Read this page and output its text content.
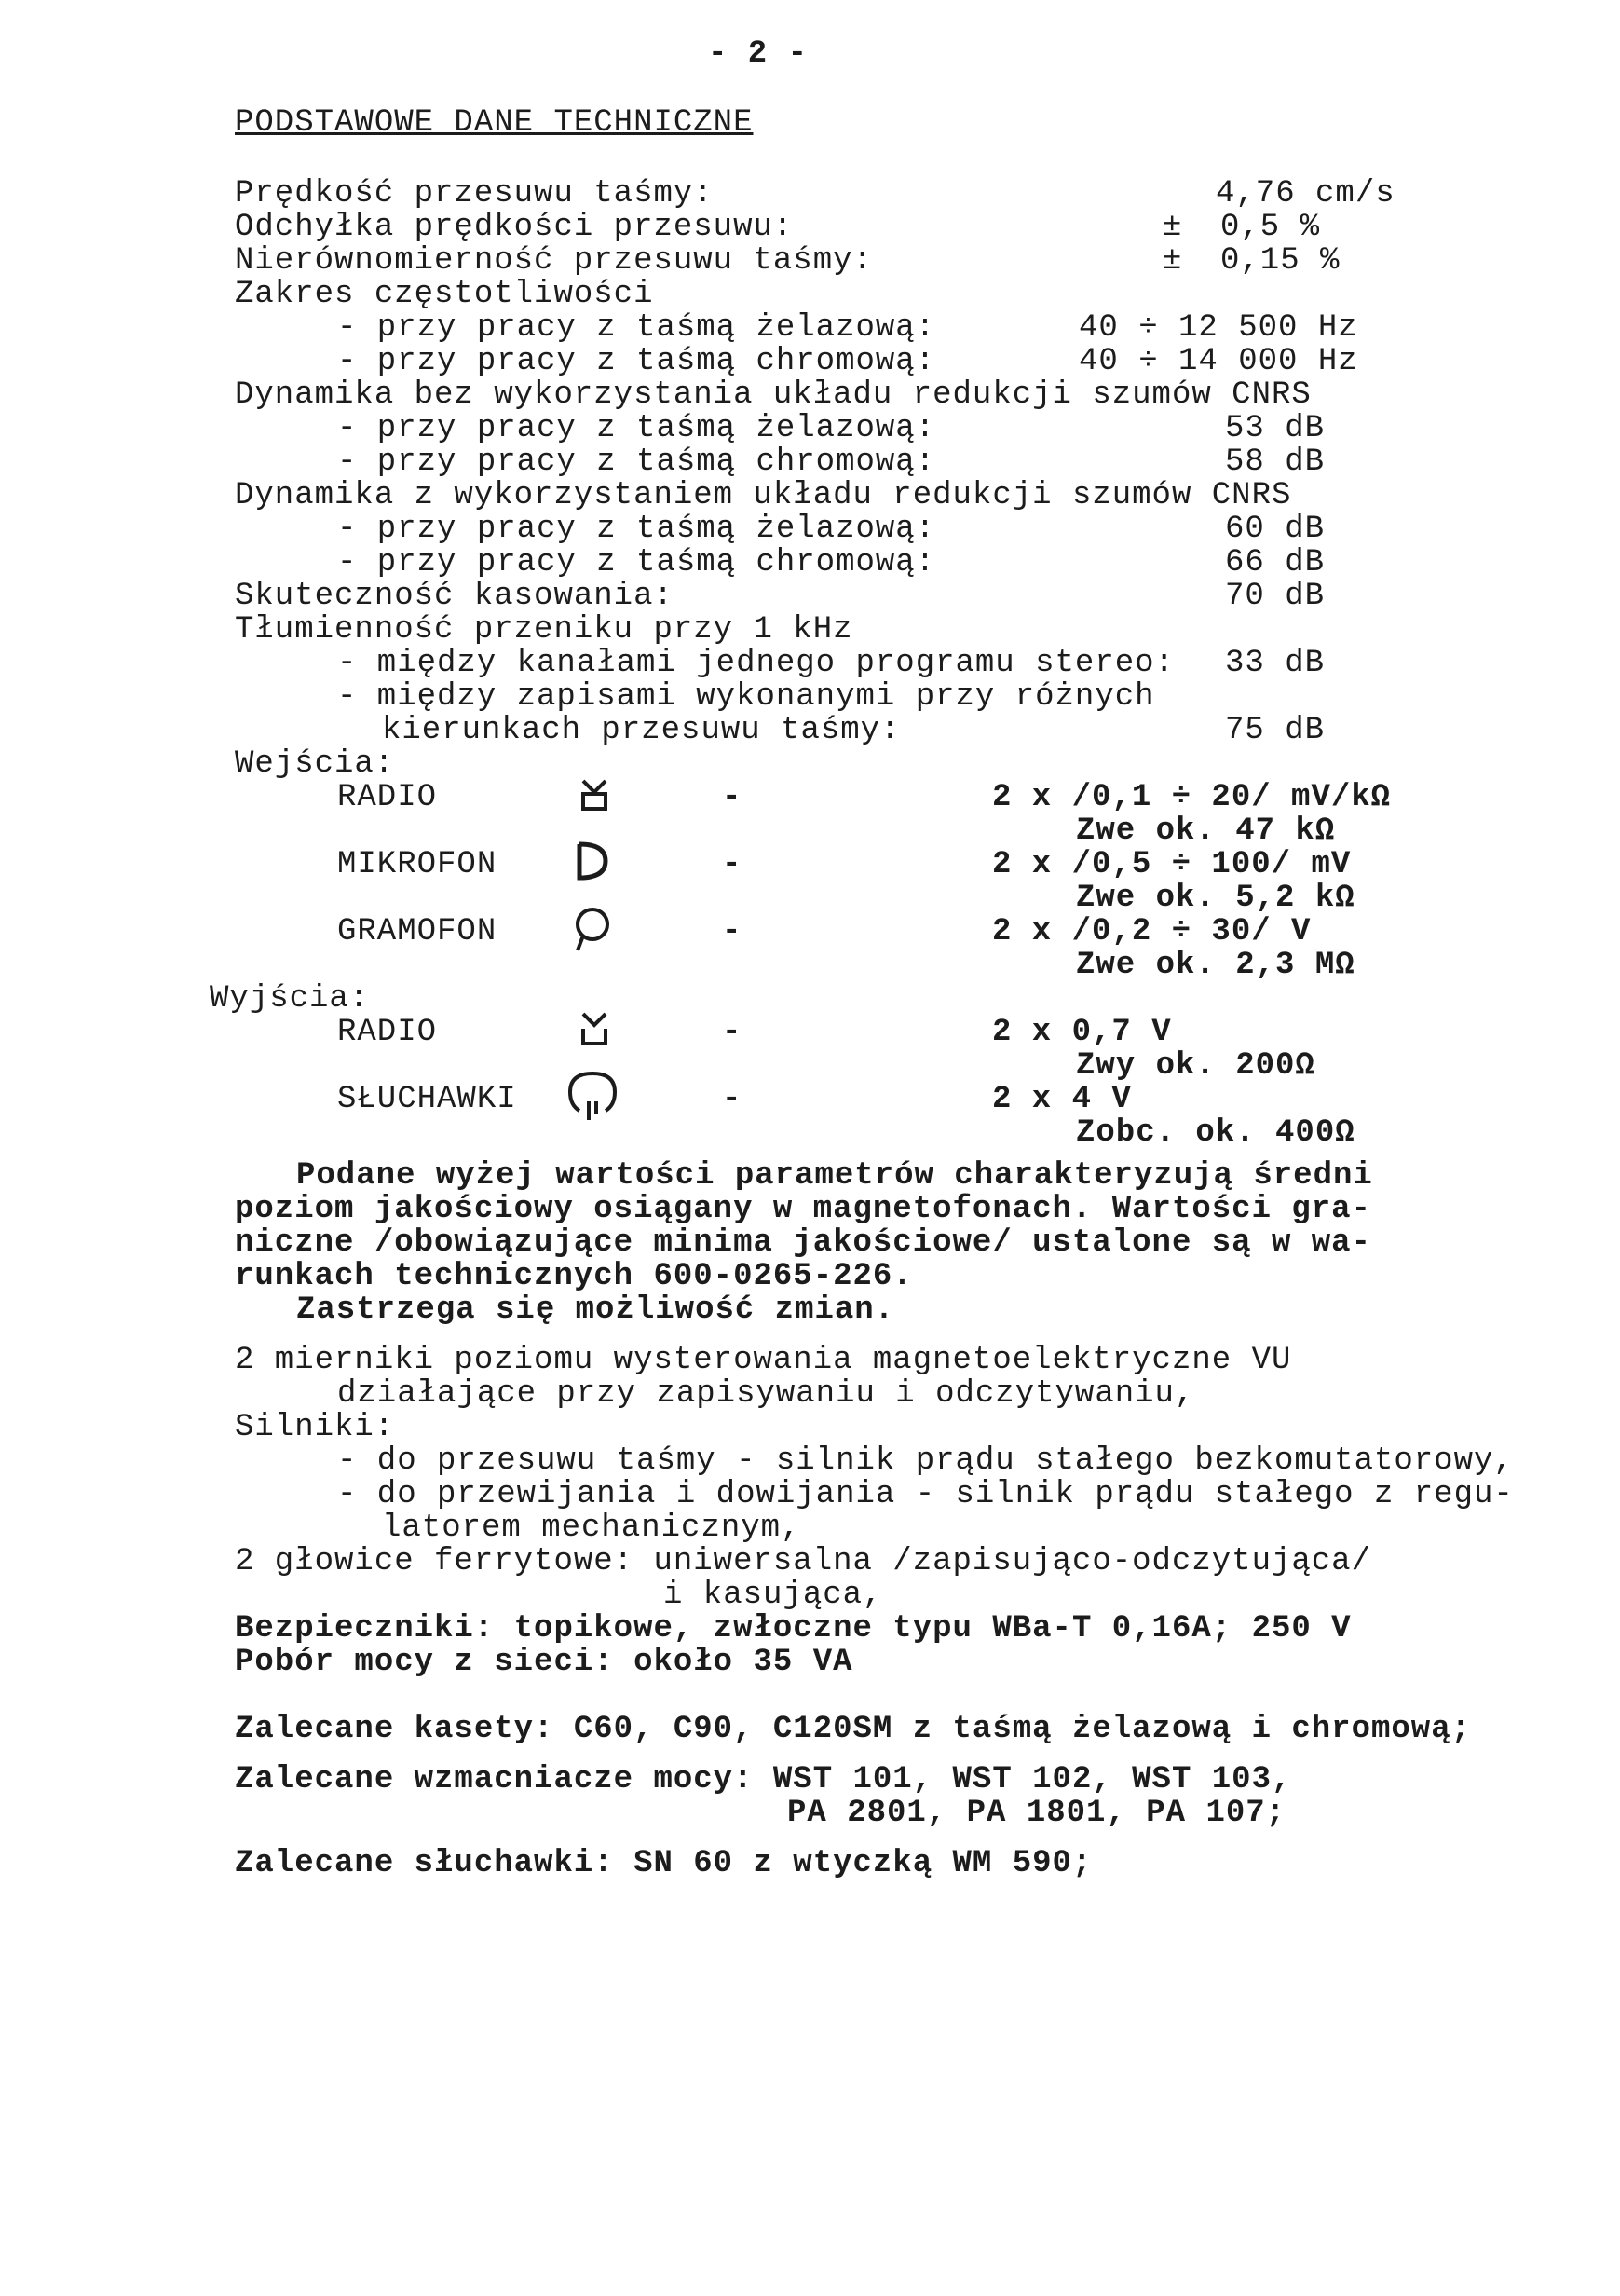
- 2 -
PODSTAWOWE DANE TECHNICZNE
Prędkość przesuwu taśmy:	4,76 cm/s
Odchyłka prędkości przesuwu:	± 0,5 %
Nierównomierność przesuwu taśmy:	± 0,15 %
Zakres częstotliwości
- przy pracy z taśmą żelazową:	40 ÷ 12 500 Hz
- przy pracy z taśmą chromową:	40 ÷ 14 000 Hz
Dynamika bez wykorzystania układu redukcji szumów CNRS
- przy pracy z taśmą żelazową:	53 dB
- przy pracy z taśmą chromową:	58 dB
Dynamika z wykorzystaniem układu redukcji szumów CNRS
- przy pracy z taśmą żelazową:	60 dB
- przy pracy z taśmą chromową:	66 dB
Skuteczność kasowania:	70 dB
Tłumienność przeniku przy 1 kHz
- między kanałami jednego programu stereo: 33 dB
- między zapisami wykonanymi przy różnych
kierunkach przesuwu taśmy:	75 dB
Wejścia:
RADIO	-	2 x /0,1 ÷ 20/ mV/kΩ
Zwe ok. 47 kΩ
MIKROFON	-	2 x /0,5 ÷ 100/ mV
Zwe ok. 5,2 kΩ
GRAMOFON	-	2 x /0,2 ÷ 30/ V
Zwe ok. 2,3 MΩ
Wyjścia:
RADIO	-	2 x 0,7 V
Zwy ok. 200Ω
SŁUCHAWKI	-	2 x 4 V
Zobc. ok. 400Ω
Podane wyżej wartości parametrów charakteryzują średni
poziom jakościowy osiągany w magnetofonach. Wartości gra-
niczne /obowiązujące minima jakościowe/ ustalone są w wa-
runkach technicznych 600-0265-226.
Zastrzega się możliwość zmian.
2 mierniki poziomu wysterowania magnetoelektryczne VU
działające przy zapisywaniu i odczytywaniu,
Silniki:
- do przesuwu taśmy - silnik prądu stałego bezkomutatorowy,
- do przewijania i dowijania - silnik prądu stałego z regu-
latorem mechanicznym,
2 głowice ferrytowe: uniwersalna /zapisująco-odczytująca/
i kasująca,
Bezpieczniki: topikowe, zwłoczne typu WBa-T 0,16A; 250 V
Pobór mocy z sieci: około 35 VA
Zalecane kasety: C60, C90, C120SM z taśmą żelazową i chromową;
Zalecane wzmacniacze mocy: WST 101, WST 102, WST 103,
PA 2801, PA 1801, PA 107;
Zalecane słuchawki: SN 60 z wtyczką WM 590;
